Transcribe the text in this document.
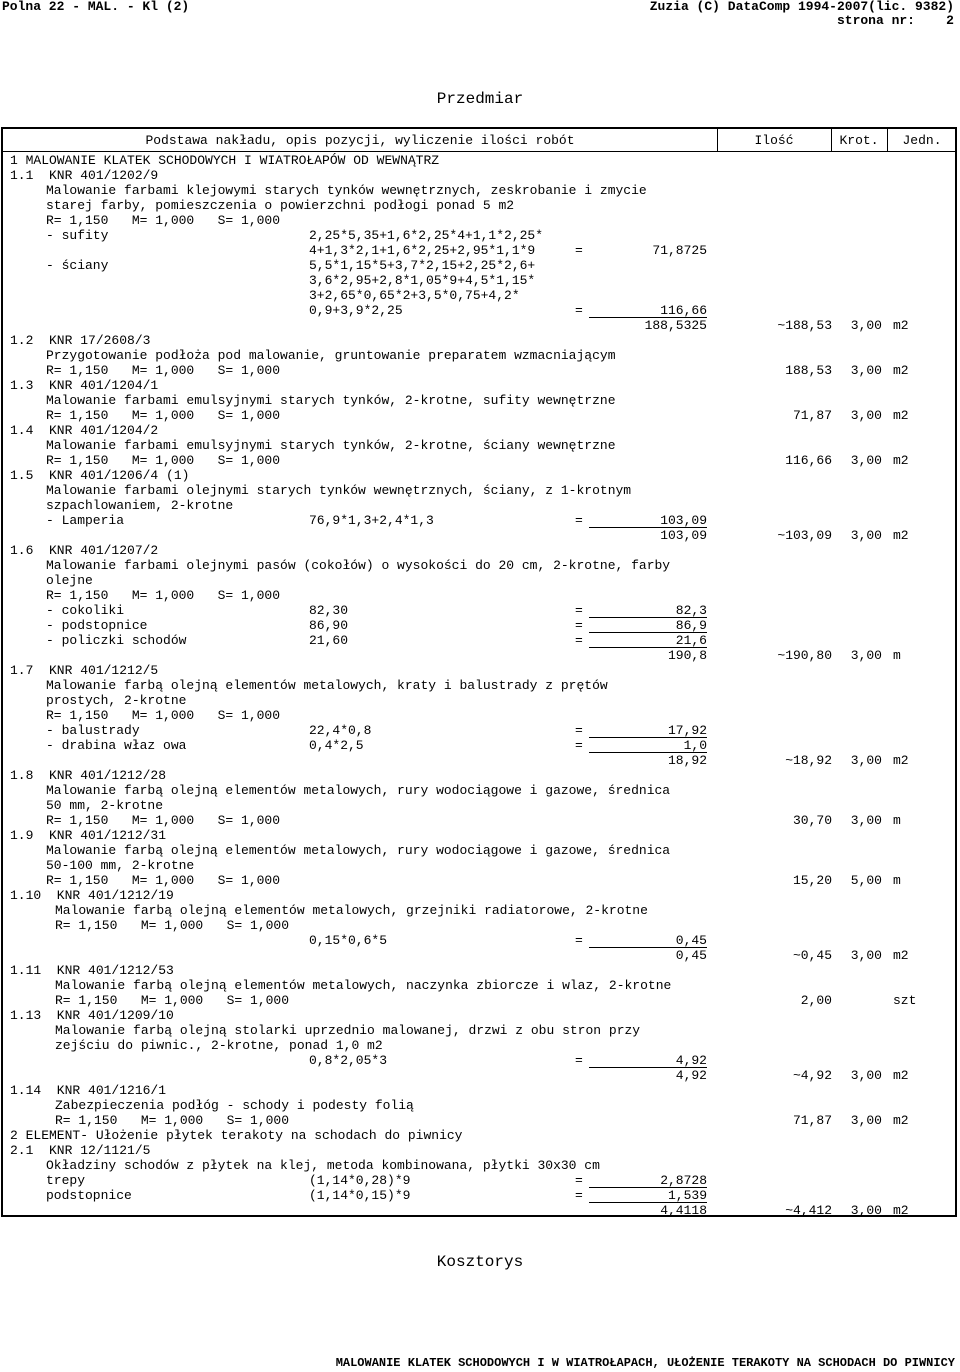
Polna 22 - MAL. - Kl (2)	Zuzia (C) DataComp 1994-2007(lic. 9382)
strona nr:    2
Przedmiar
Podstawa nakładu, opis pozycji, wyliczenie ilości robót	Ilość	Krot.	Jedn.
1 MALOWANIE KLATEK SCHODOWYCH I WIATROŁAPÓW OD WEWNĄTRZ
1.1  KNR 401/1202/9
Malowanie farbami klejowymi starych tynków wewnętrznych, zeskrobanie i zmycie
starej farby, pomieszczenia o powierzchni podłogi ponad 5 m2
R= 1,150   M= 1,000   S= 1,000
- sufity	2,25*5,35+1,6*2,25*4+1,1*2,25*
4+1,3*2,1+1,6*2,25+2,95*1,1*9	=	71,8725
- ściany	5,5*1,15*5+3,7*2,15+2,25*2,6+
3,6*2,95+2,8*1,05*9+4,5*1,15*
3+2,65*0,65*2+3,5*0,75+4,2*
0,9+3,9*2,25	=	116,66
188,5325	~188,53	3,00 m2
1.2  KNR 17/2608/3
Przygotowanie podłoża pod malowanie, gruntowanie preparatem wzmacniającym
R= 1,150   M= 1,000   S= 1,000	188,53	3,00 m2
1.3  KNR 401/1204/1
Malowanie farbami emulsyjnymi starych tynków, 2-krotne, sufity wewnętrzne
R= 1,150   M= 1,000   S= 1,000	71,87	3,00 m2
1.4  KNR 401/1204/2
Malowanie farbami emulsyjnymi starych tynków, 2-krotne, ściany wewnętrzne
R= 1,150   M= 1,000   S= 1,000	116,66	3,00 m2
1.5  KNR 401/1206/4 (1)
Malowanie farbami olejnymi starych tynków wewnętrznych, ściany, z 1-krotnym
szpachlowaniem, 2-krotne
- Lamperia	76,9*1,3+2,4*1,3	=	103,09
103,09	~103,09	3,00 m2
1.6  KNR 401/1207/2
Malowanie farbami olejnymi pasów (cokołów) o wysokości do 20 cm, 2-krotne, farby
olejne
R= 1,150   M= 1,000   S= 1,000
- cokoliki	82,30	=	82,3
- podstopnice	86,90	=	86,9
- policzki schodów	21,60	=	21,6
190,8	~190,80	3,00 m
1.7  KNR 401/1212/5
Malowanie farbą olejną elementów metalowych, kraty i balustrady z prętów
prostych, 2-krotne
R= 1,150   M= 1,000   S= 1,000
- balustrady	22,4*0,8	=	17,92
- drabina właz owa	0,4*2,5	=	1,0
18,92	~18,92	3,00 m2
1.8  KNR 401/1212/28
Malowanie farbą olejną elementów metalowych, rury wodociągowe i gazowe, średnica
50 mm, 2-krotne
R= 1,150   M= 1,000   S= 1,000	30,70	3,00 m
1.9  KNR 401/1212/31
Malowanie farbą olejną elementów metalowych, rury wodociągowe i gazowe, średnica
50-100 mm, 2-krotne
R= 1,150   M= 1,000   S= 1,000	15,20	5,00 m
1.10  KNR 401/1212/19
Malowanie farbą olejną elementów metalowych, grzejniki radiatorowe, 2-krotne
R= 1,150   M= 1,000   S= 1,000
0,15*0,6*5	=	0,45
0,45	~0,45	3,00 m2
1.11  KNR 401/1212/53
Malowanie farbą olejną elementów metalowych, naczynka zbiorcze i wlaz, 2-krotne
R= 1,150   M= 1,000   S= 1,000	2,00	szt
1.13  KNR 401/1209/10
Malowanie farbą olejną stolarki uprzednio malowanej, drzwi z obu stron przy
zejściu do piwnic., 2-krotne, ponad 1,0 m2
0,8*2,05*3	=	4,92
4,92	~4,92	3,00 m2
1.14  KNR 401/1216/1
Zabezpieczenia podłóg - schody i podesty folią
R= 1,150   M= 1,000   S= 1,000	71,87	3,00 m2
2 ELEMENT- Ułożenie płytek terakoty na schodach do piwnicy
2.1  KNR 12/1121/5
Okładziny schodów z płytek na klej, metoda kombinowana, płytki 30x30 cm
trepy	(1,14*0,28)*9	=	2,8728
podstopnice	(1,14*0,15)*9	=	1,539
4,4118	~4,412	3,00 m2
Kosztorys
MALOWANIE KLATEK SCHODOWYCH I W WIATROŁAPACH, UŁOŻENIE TERAKOTY NA SCHODACH DO PIWNICY
